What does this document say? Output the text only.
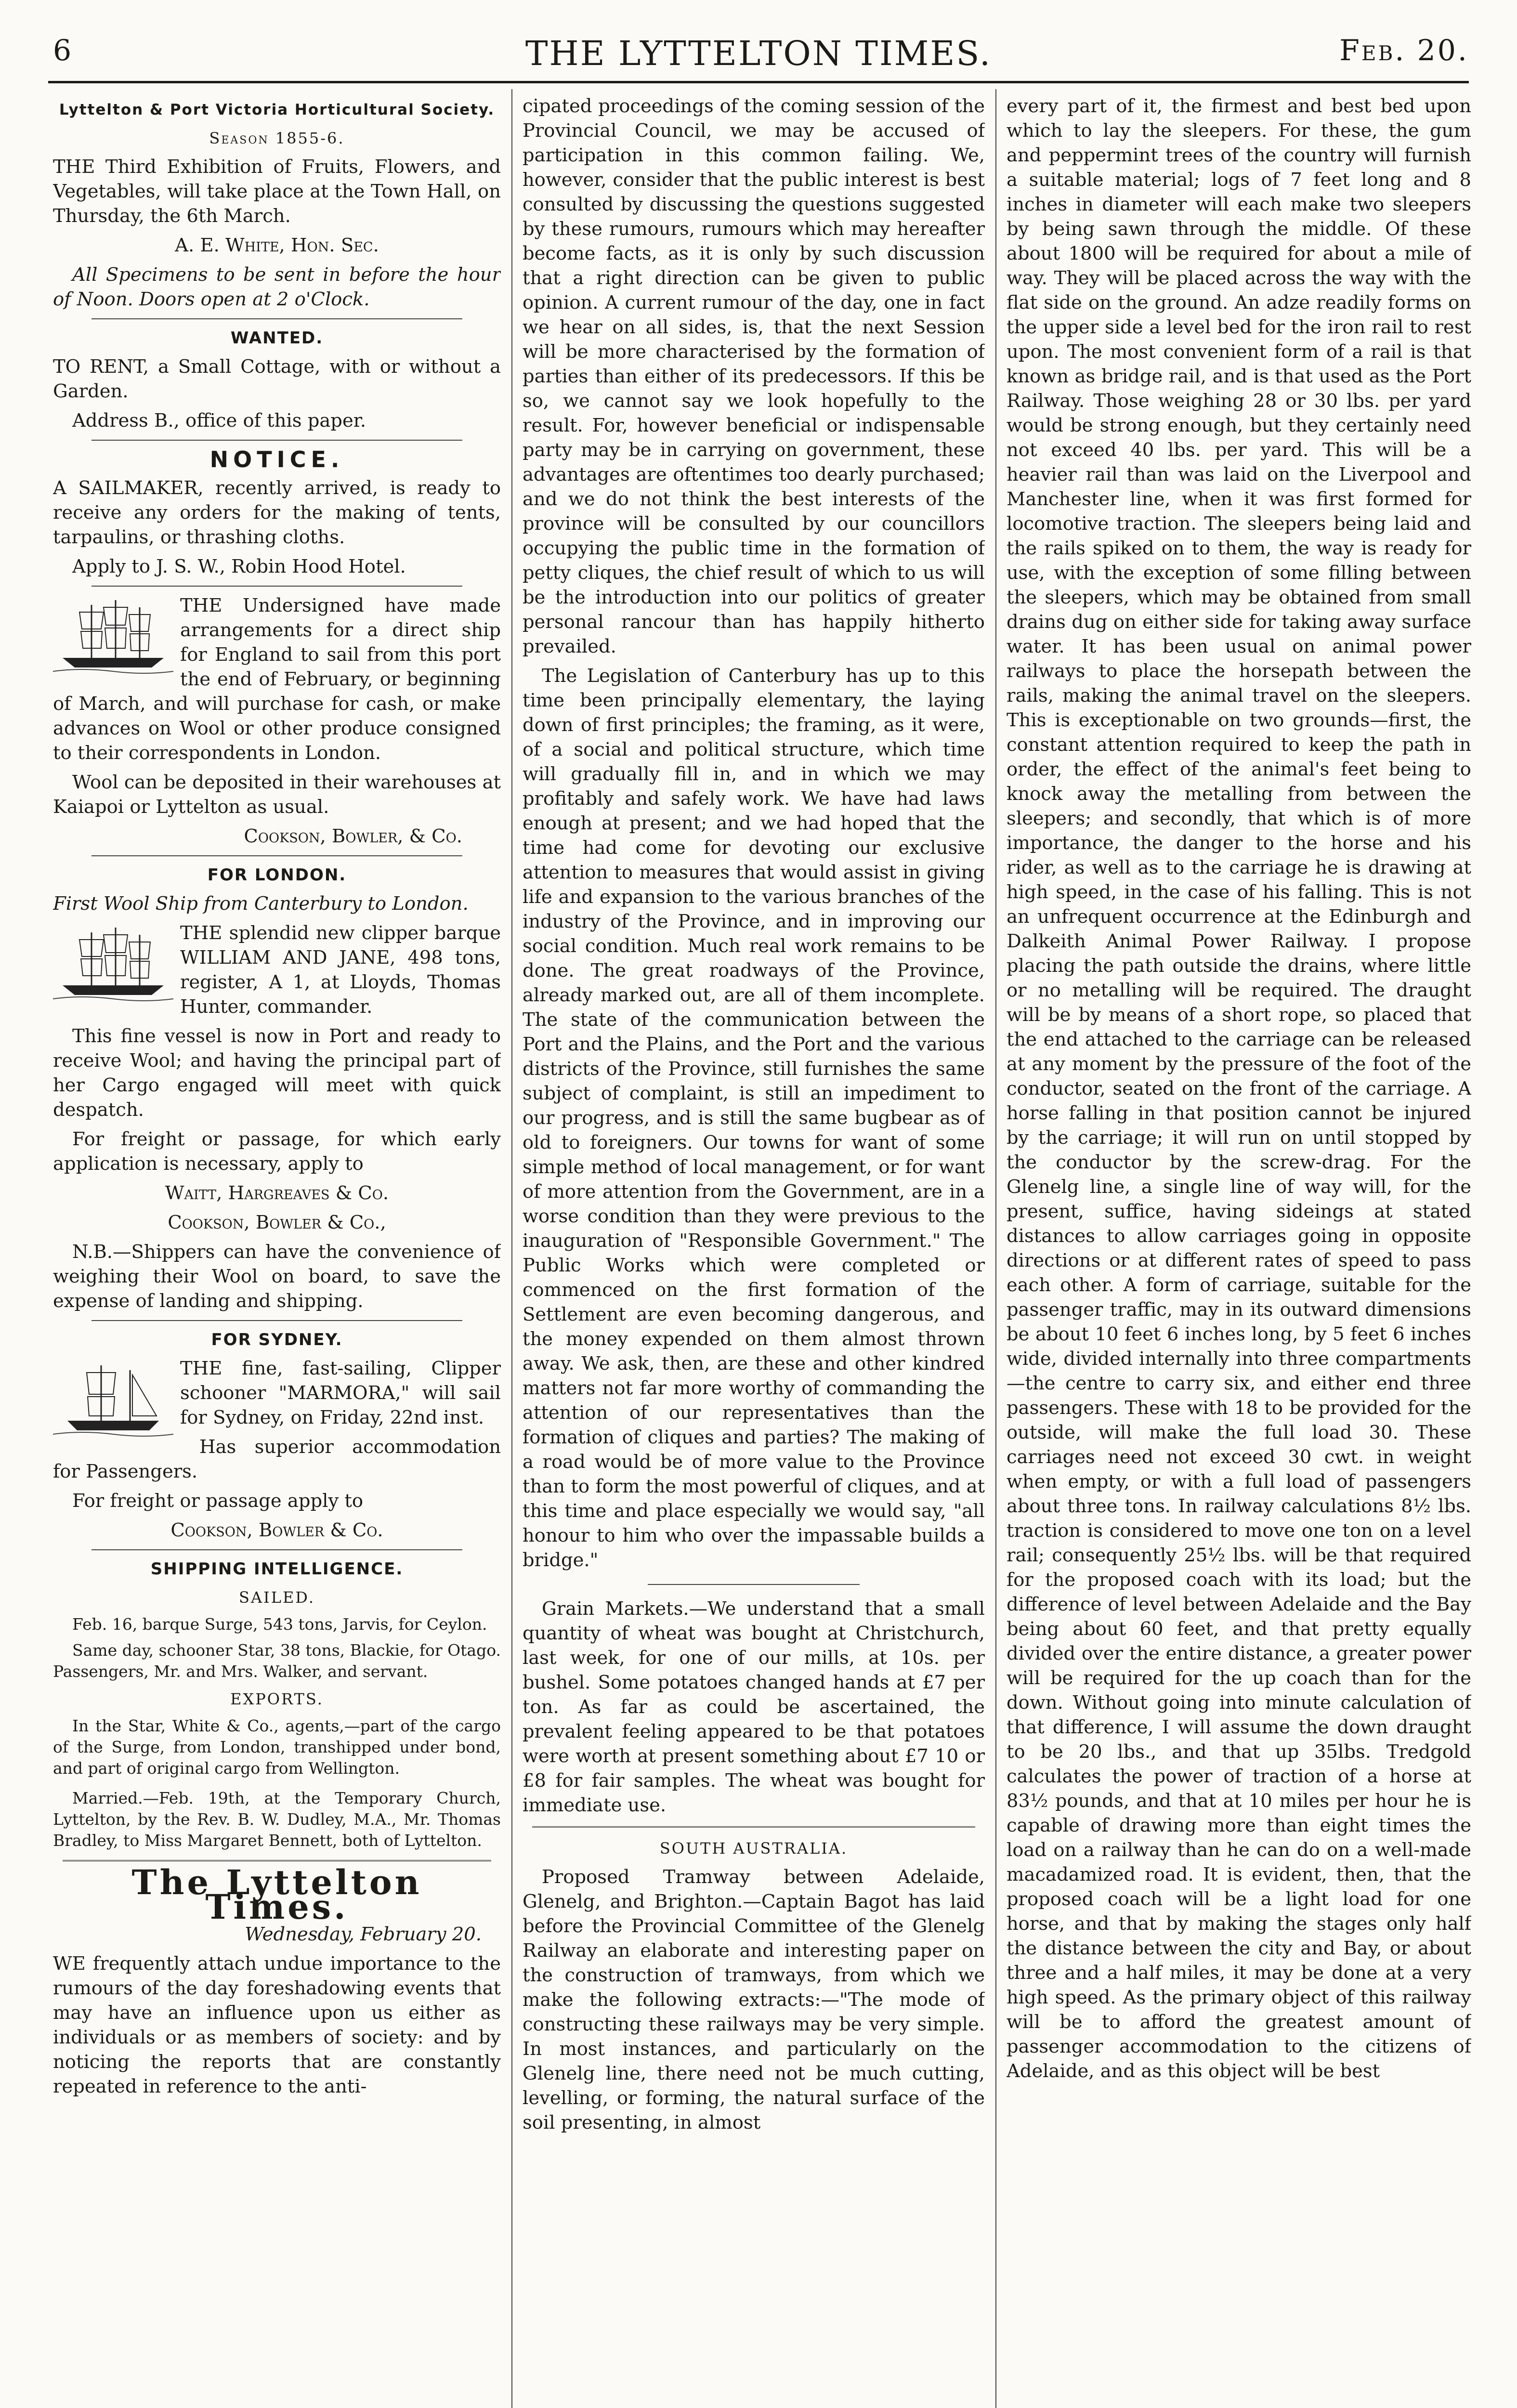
6	THE LYTTELTON TIMES.	Feb. 20.
Lyttelton & Port Victoria Horticultural Society.
Season 1855-6.

THE Third Exhibition of Fruits, Flowers, and Vegetables, will take place at the Town Hall, on Thursday, the 6th March.

A. E. White, Hon. Sec.

All Specimens to be sent in before the hour of Noon. Doors open at 2 o'Clock.

WANTED.

TO RENT, a Small Cottage, with or without a Garden.

Address B., office of this paper.

NOTICE.

A SAILMAKER, recently arrived, is ready to receive any orders for the making of tents, tarpaulins, or thrashing cloths.

Apply to J. S. W., Robin Hood Hotel.

THE Undersigned have made arrangements for a direct ship for England to sail from this port the end of February, or beginning of March, and will purchase for cash, or make advances on Wool or other produce consigned to their correspondents in London.

Wool can be deposited in their warehouses at Kaiapoi or Lyttelton as usual.

Cookson, Bowler, & Co.

FOR LONDON.

First Wool Ship from Canterbury to London.

THE splendid new clipper barque WILLIAM AND JANE, 498 tons, register, A 1, at Lloyds, Thomas Hunter, commander.

This fine vessel is now in Port and ready to receive Wool; and having the principal part of her Cargo engaged will meet with quick despatch.

For freight or passage, for which early application is necessary, apply to

Waitt, Hargreaves & Co.

Cookson, Bowler & Co.,

N.B.—Shippers can have the convenience of weighing their Wool on board, to save the expense of landing and shipping.

FOR SYDNEY.

THE fine, fast-sailing, Clipper schooner "MARMORA," will sail for Sydney, on Friday, 22nd inst.

Has superior accommodation for Passengers.

For freight or passage apply to

Cookson, Bowler & Co.

SHIPPING INTELLIGENCE.
SAILED.

Feb. 16, barque Surge, 543 tons, Jarvis, for Ceylon.

Same day, schooner Star, 38 tons, Blackie, for Otago. Passengers, Mr. and Mrs. Walker, and servant.

EXPORTS.

In the Star, White & Co., agents,—part of the cargo of the Surge, from London, transhipped under bond, and part of original cargo from Wellington.

Married.—Feb. 19th, at the Temporary Church, Lyttelton, by the Rev. B. W. Dudley, M.A., Mr. Thomas Bradley, to Miss Margaret Bennett, both of Lyttelton.

The Lyttelton Times.

Wednesday, February 20.

WE frequently attach undue importance to the rumours of the day foreshadowing events that may have an influence upon us either as individuals or as members of society: and by noticing the reports that are constantly repeated in reference to the anti-

cipated proceedings of the coming session of the Provincial Council, we may be accused of participation in this common failing. We, however, consider that the public interest is best consulted by discussing the questions suggested by these rumours, rumours which may hereafter become facts, as it is only by such discussion that a right direction can be given to public opinion. A current rumour of the day, one in fact we hear on all sides, is, that the next Session will be more characterised by the formation of parties than either of its predecessors. If this be so, we cannot say we look hopefully to the result. For, however beneficial or indispensable party may be in carrying on government, these advantages are oftentimes too dearly purchased; and we do not think the best interests of the province will be consulted by our councillors occupying the public time in the formation of petty cliques, the chief result of which to us will be the introduction into our politics of greater personal rancour than has happily hitherto prevailed.

The Legislation of Canterbury has up to this time been principally elementary, the laying down of first principles; the framing, as it were, of a social and political structure, which time will gradually fill in, and in which we may profitably and safely work. We have had laws enough at present; and we had hoped that the time had come for devoting our exclusive attention to measures that would assist in giving life and expansion to the various branches of the industry of the Province, and in improving our social condition. Much real work remains to be done. The great roadways of the Province, already marked out, are all of them incomplete. The state of the communication between the Port and the Plains, and the Port and the various districts of the Province, still furnishes the same subject of complaint, is still an impediment to our progress, and is still the same bugbear as of old to foreigners. Our towns for want of some simple method of local management, or for want of more attention from the Government, are in a worse condition than they were previous to the inauguration of "Responsible Government." The Public Works which were completed or commenced on the first formation of the Settlement are even becoming dangerous, and the money expended on them almost thrown away. We ask, then, are these and other kindred matters not far more worthy of commanding the attention of our representatives than the formation of cliques and parties? The making of a road would be of more value to the Province than to form the most powerful of cliques, and at this time and place especially we would say, "all honour to him who over the impassable builds a bridge."

Grain Markets.—We understand that a small quantity of wheat was bought at Christchurch, last week, for one of our mills, at 10s. per bushel. Some potatoes changed hands at £7 per ton. As far as could be ascertained, the prevalent feeling appeared to be that potatoes were worth at present something about £7 10 or £8 for fair samples. The wheat was bought for immediate use.

SOUTH AUSTRALIA.

Proposed Tramway between Adelaide, Glenelg, and Brighton.—Captain Bagot has laid before the Provincial Committee of the Glenelg Railway an elaborate and interesting paper on the construction of tramways, from which we make the following extracts:—"The mode of constructing these railways may be very simple. In most instances, and particularly on the Glenelg line, there need not be much cutting, levelling, or forming, the natural surface of the soil presenting, in almost

every part of it, the firmest and best bed upon which to lay the sleepers. For these, the gum and peppermint trees of the country will furnish a suitable material; logs of 7 feet long and 8 inches in diameter will each make two sleepers by being sawn through the middle. Of these about 1800 will be required for about a mile of way. They will be placed across the way with the flat side on the ground. An adze readily forms on the upper side a level bed for the iron rail to rest upon. The most convenient form of a rail is that known as bridge rail, and is that used as the Port Railway. Those weighing 28 or 30 lbs. per yard would be strong enough, but they certainly need not exceed 40 lbs. per yard. This will be a heavier rail than was laid on the Liverpool and Manchester line, when it was first formed for locomotive traction. The sleepers being laid and the rails spiked on to them, the way is ready for use, with the exception of some filling between the sleepers, which may be obtained from small drains dug on either side for taking away surface water. It has been usual on animal power railways to place the horsepath between the rails, making the animal travel on the sleepers. This is exceptionable on two grounds—first, the constant attention required to keep the path in order, the effect of the animal's feet being to knock away the metalling from between the sleepers; and secondly, that which is of more importance, the danger to the horse and his rider, as well as to the carriage he is drawing at high speed, in the case of his falling. This is not an unfrequent occurrence at the Edinburgh and Dalkeith Animal Power Railway. I propose placing the path outside the drains, where little or no metalling will be required. The draught will be by means of a short rope, so placed that the end attached to the carriage can be released at any moment by the pressure of the foot of the conductor, seated on the front of the carriage. A horse falling in that position cannot be injured by the carriage; it will run on until stopped by the conductor by the screw-drag. For the Glenelg line, a single line of way will, for the present, suffice, having sideings at stated distances to allow carriages going in opposite directions or at different rates of speed to pass each other. A form of carriage, suitable for the passenger traffic, may in its outward dimensions be about 10 feet 6 inches long, by 5 feet 6 inches wide, divided internally into three compartments—the centre to carry six, and either end three passengers. These with 18 to be provided for the outside, will make the full load 30. These carriages need not exceed 30 cwt. in weight when empty, or with a full load of passengers about three tons. In railway calculations 8½ lbs. traction is considered to move one ton on a level rail; consequently 25½ lbs. will be that required for the proposed coach with its load; but the difference of level between Adelaide and the Bay being about 60 feet, and that pretty equally divided over the entire distance, a greater power will be required for the up coach than for the down. Without going into minute calculation of that difference, I will assume the down draught to be 20 lbs., and that up 35lbs. Tredgold calculates the power of traction of a horse at 83½ pounds, and that at 10 miles per hour he is capable of drawing more than eight times the load on a railway than he can do on a well-made macadamized road. It is evident, then, that the proposed coach will be a light load for one horse, and that by making the stages only half the distance between the city and Bay, or about three and a half miles, it may be done at a very high speed. As the primary object of this railway will be to afford the greatest amount of passenger accommodation to the citizens of Adelaide, and as this object will be best
